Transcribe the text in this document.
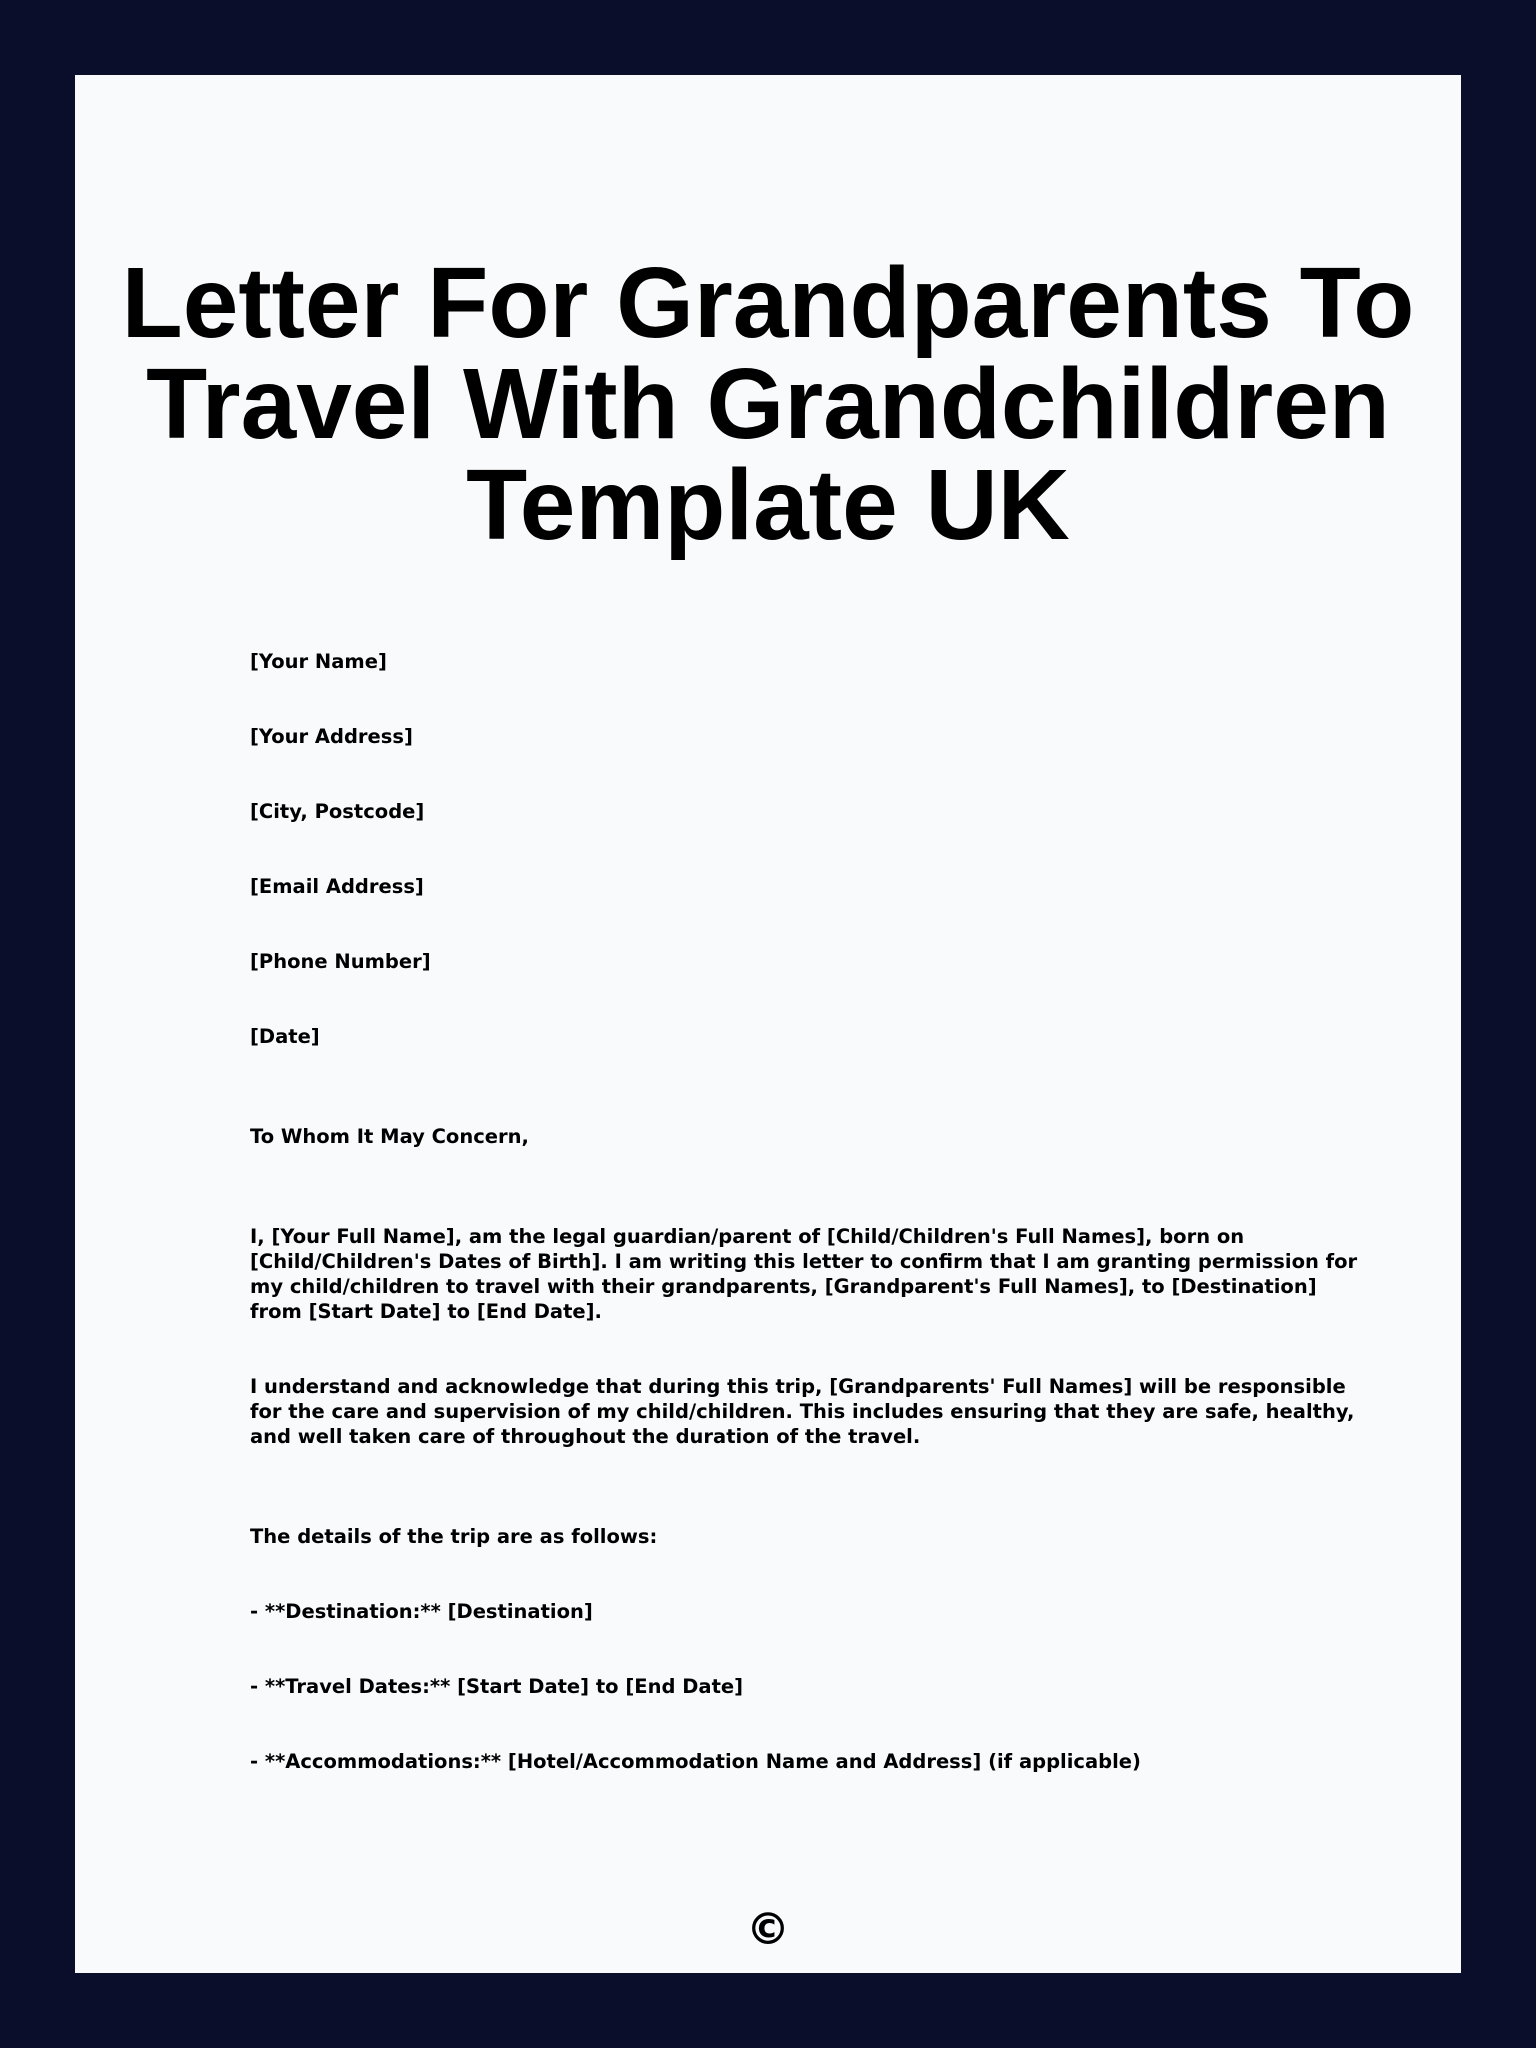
Letter For Grandparents To Travel With Grandchildren Template UK

[Your Name]

[Your Address]

[City, Postcode]

[Email Address]

[Phone Number]

[Date]

To Whom It May Concern,

I, [Your Full Name], am the legal guardian/parent of [Child/Children's Full Names], born on [Child/Children's Dates of Birth]. I am writing this letter to confirm that I am granting permission for my child/children to travel with their grandparents, [Grandparent's Full Names], to [Destination] from [Start Date] to [End Date].

I understand and acknowledge that during this trip, [Grandparents' Full Names] will be responsible for the care and supervision of my child/children. This includes ensuring that they are safe, healthy, and well taken care of throughout the duration of the travel.

The details of the trip are as follows:

- **Destination:** [Destination]

- **Travel Dates:** [Start Date] to [End Date]

- **Accommodations:** [Hotel/Accommodation Name and Address] (if applicable)

©
